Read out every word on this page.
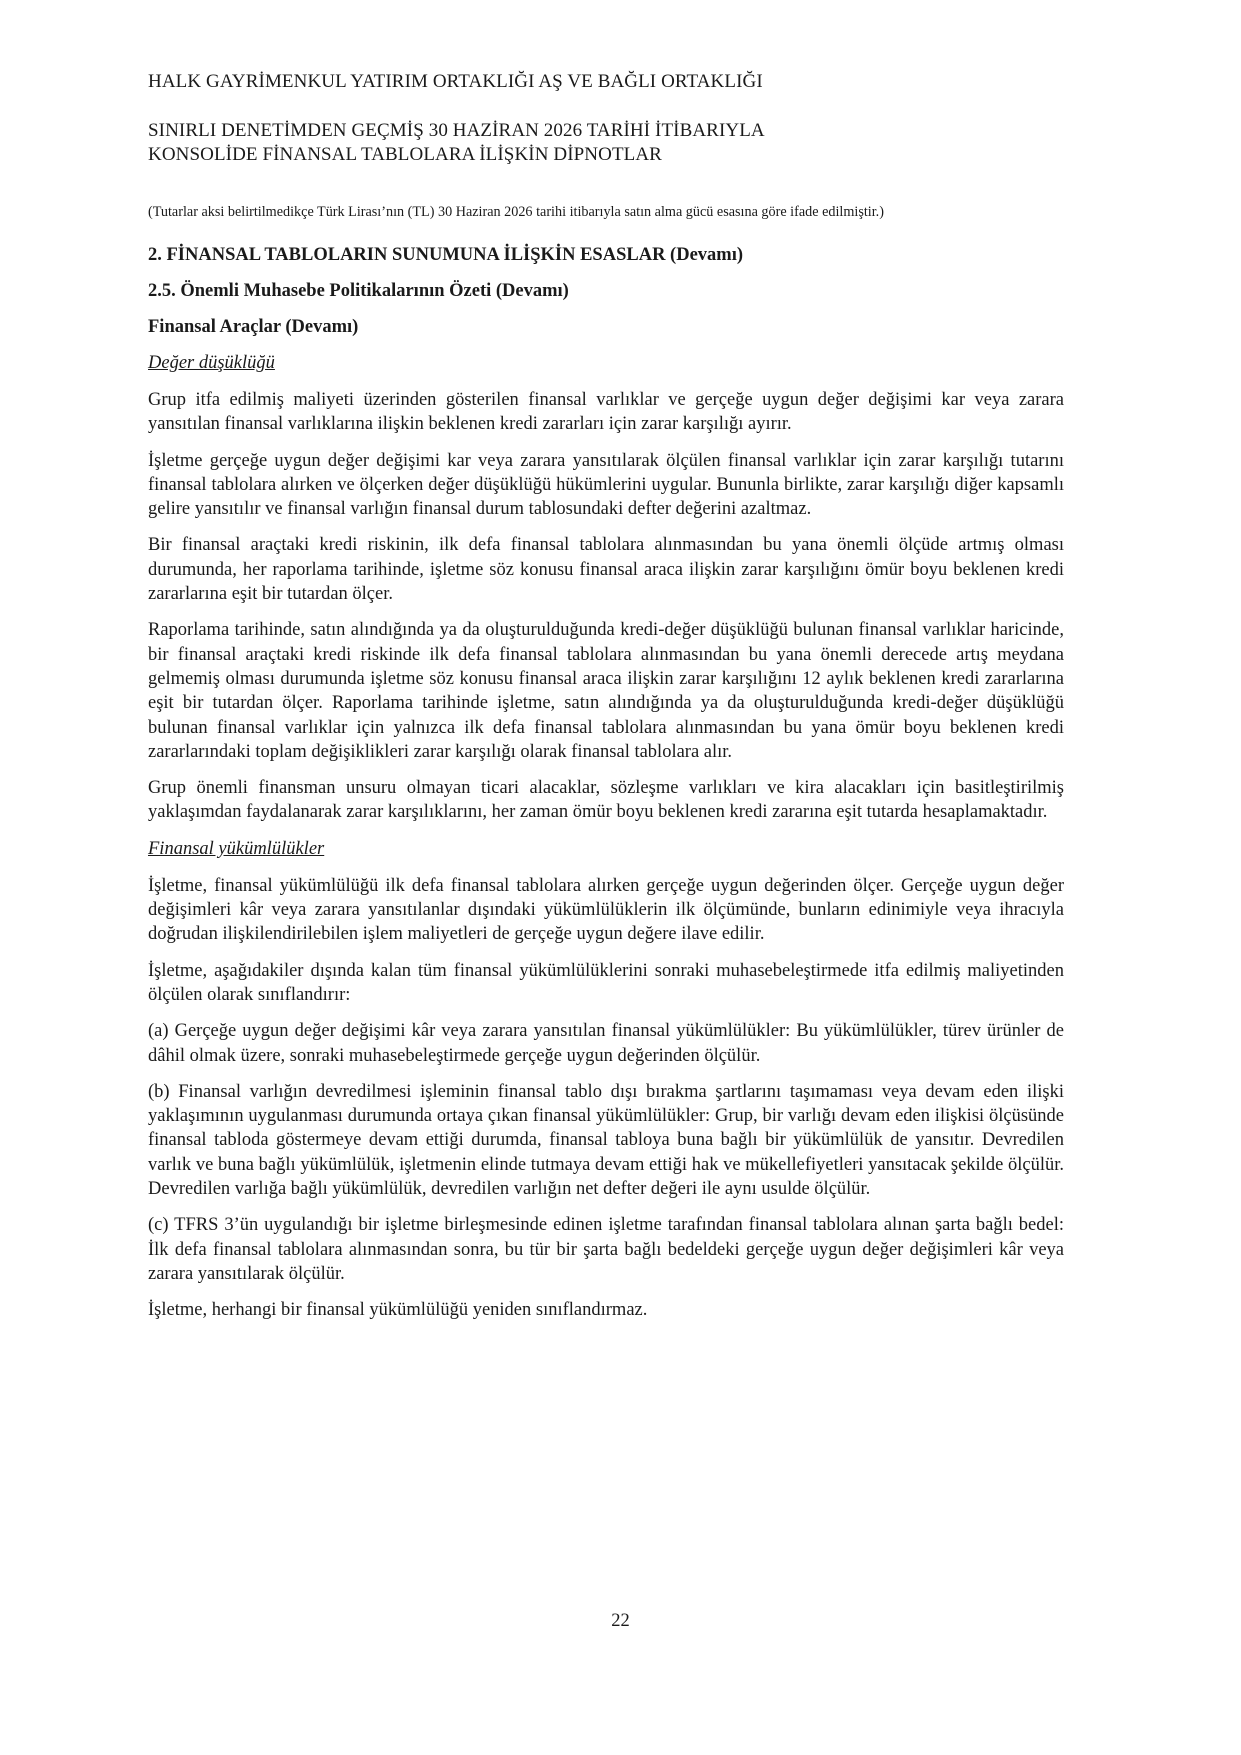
HALK GAYRİMENKUL YATIRIM ORTAKLIĞI AŞ VE BAĞLI ORTAKLIĞI
SINIRLI DENETİMDEN GEÇMİŞ 30 HAZİRAN 2026 TARİHİ İTİBARIYLA
KONSOLİDE FİNANSAL TABLOLARA İLİŞKİN DİPNOTLAR
(Tutarlar aksi belirtilmedikçe Türk Lirası’nın (TL) 30 Haziran 2026 tarihi itibarıyla satın alma gücü esasına göre ifade edilmiştir.)
2. FİNANSAL TABLOLARIN SUNUMUNA İLİŞKİN ESASLAR (Devamı)
2.5. Önemli Muhasebe Politikalarının Özeti (Devamı)
Finansal Araçlar (Devamı)
Değer düşüklüğü

Grup itfa edilmiş maliyeti üzerinden gösterilen finansal varlıklar ve gerçeğe uygun değer değişimi kar veya zarara yansıtılan finansal varlıklarına ilişkin beklenen kredi zararları için zarar karşılığı ayırır.

İşletme gerçeğe uygun değer değişimi kar veya zarara yansıtılarak ölçülen finansal varlıklar için zarar karşılığı tutarını finansal tablolara alırken ve ölçerken değer düşüklüğü hükümlerini uygular. Bununla birlikte, zarar karşılığı diğer kapsamlı gelire yansıtılır ve finansal varlığın finansal durum tablosundaki defter değerini azaltmaz.

Bir finansal araçtaki kredi riskinin, ilk defa finansal tablolara alınmasından bu yana önemli ölçüde artmış olması durumunda, her raporlama tarihinde, işletme söz konusu finansal araca ilişkin zarar karşılığını ömür boyu beklenen kredi zararlarına eşit bir tutardan ölçer.

Raporlama tarihinde, satın alındığında ya da oluşturulduğunda kredi-değer düşüklüğü bulunan finansal varlıklar haricinde, bir finansal araçtaki kredi riskinde ilk defa finansal tablolara alınmasından bu yana önemli derecede artış meydana gelmemiş olması durumunda işletme söz konusu finansal araca ilişkin zarar karşılığını 12 aylık beklenen kredi zararlarına eşit bir tutardan ölçer. Raporlama tarihinde işletme, satın alındığında ya da oluşturulduğunda kredi-değer düşüklüğü bulunan finansal varlıklar için yalnızca ilk defa finansal tablolara alınmasından bu yana ömür boyu beklenen kredi zararlarındaki toplam değişiklikleri zarar karşılığı olarak finansal tablolara alır.

Grup önemli finansman unsuru olmayan ticari alacaklar, sözleşme varlıkları ve kira alacakları için basitleştirilmiş yaklaşımdan faydalanarak zarar karşılıklarını, her zaman ömür boyu beklenen kredi zararına eşit tutarda hesaplamaktadır.

Finansal yükümlülükler

İşletme, finansal yükümlülüğü ilk defa finansal tablolara alırken gerçeğe uygun değerinden ölçer. Gerçeğe uygun değer değişimleri kâr veya zarara yansıtılanlar dışındaki yükümlülüklerin ilk ölçümünde, bunların edinimiyle veya ihracıyla doğrudan ilişkilendirilebilen işlem maliyetleri de gerçeğe uygun değere ilave edilir.

İşletme, aşağıdakiler dışında kalan tüm finansal yükümlülüklerini sonraki muhasebeleştirmede itfa edilmiş maliyetinden ölçülen olarak sınıflandırır:

(a) Gerçeğe uygun değer değişimi kâr veya zarara yansıtılan finansal yükümlülükler: Bu yükümlülükler, türev ürünler de dâhil olmak üzere, sonraki muhasebeleştirmede gerçeğe uygun değerinden ölçülür.

(b) Finansal varlığın devredilmesi işleminin finansal tablo dışı bırakma şartlarını taşımaması veya devam eden ilişki yaklaşımının uygulanması durumunda ortaya çıkan finansal yükümlülükler: Grup, bir varlığı devam eden ilişkisi ölçüsünde finansal tabloda göstermeye devam ettiği durumda, finansal tabloya buna bağlı bir yükümlülük de yansıtır. Devredilen varlık ve buna bağlı yükümlülük, işletmenin elinde tutmaya devam ettiği hak ve mükellefiyetleri yansıtacak şekilde ölçülür. Devredilen varlığa bağlı yükümlülük, devredilen varlığın net defter değeri ile aynı usulde ölçülür.

(c) TFRS 3’ün uygulandığı bir işletme birleşmesinde edinen işletme tarafından finansal tablolara alınan şarta bağlı bedel: İlk defa finansal tablolara alınmasından sonra, bu tür bir şarta bağlı bedeldeki gerçeğe uygun değer değişimleri kâr veya zarara yansıtılarak ölçülür.

İşletme, herhangi bir finansal yükümlülüğü yeniden sınıflandırmaz.

22
